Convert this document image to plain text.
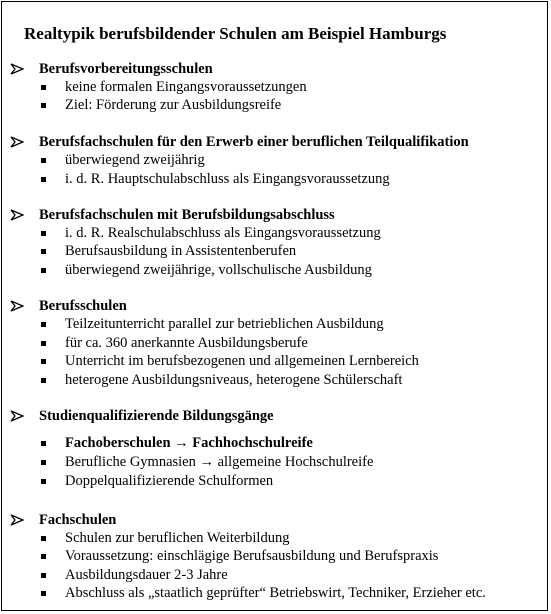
Realtypik berufsbildender Schulen am Beispiel Hamburgs
Berufsvorbereitungsschulen
keine formalen Eingangsvoraussetzungen
Ziel: Förderung zur Ausbildungsreife
Berufsfachschulen für den Erwerb einer beruflichen Teilqualifikation
überwiegend zweijährig
i. d. R. Hauptschulabschluss als Eingangsvoraussetzung
Berufsfachschulen mit Berufsbildungsabschluss
i. d. R. Realschulabschluss als Eingangsvoraussetzung
Berufsausbildung in Assistentenberufen
überwiegend zweijährige, vollschulische Ausbildung
Berufsschulen
Teilzeitunterricht parallel zur betrieblichen Ausbildung
für ca. 360 anerkannte Ausbildungsberufe
Unterricht im berufsbezogenen und allgemeinen Lernbereich
heterogene Ausbildungsniveaus, heterogene Schülerschaft
Studienqualifizierende Bildungsgänge
Fachoberschulen → Fachhochschulreife
Berufliche Gymnasien → allgemeine Hochschulreife
Doppelqualifizierende Schulformen
Fachschulen
Schulen zur beruflichen Weiterbildung
Voraussetzung: einschlägige Berufsausbildung und Berufspraxis
Ausbildungsdauer 2-3 Jahre
Abschluss als „staatlich geprüfter“ Betriebswirt, Techniker, Erzieher etc.
